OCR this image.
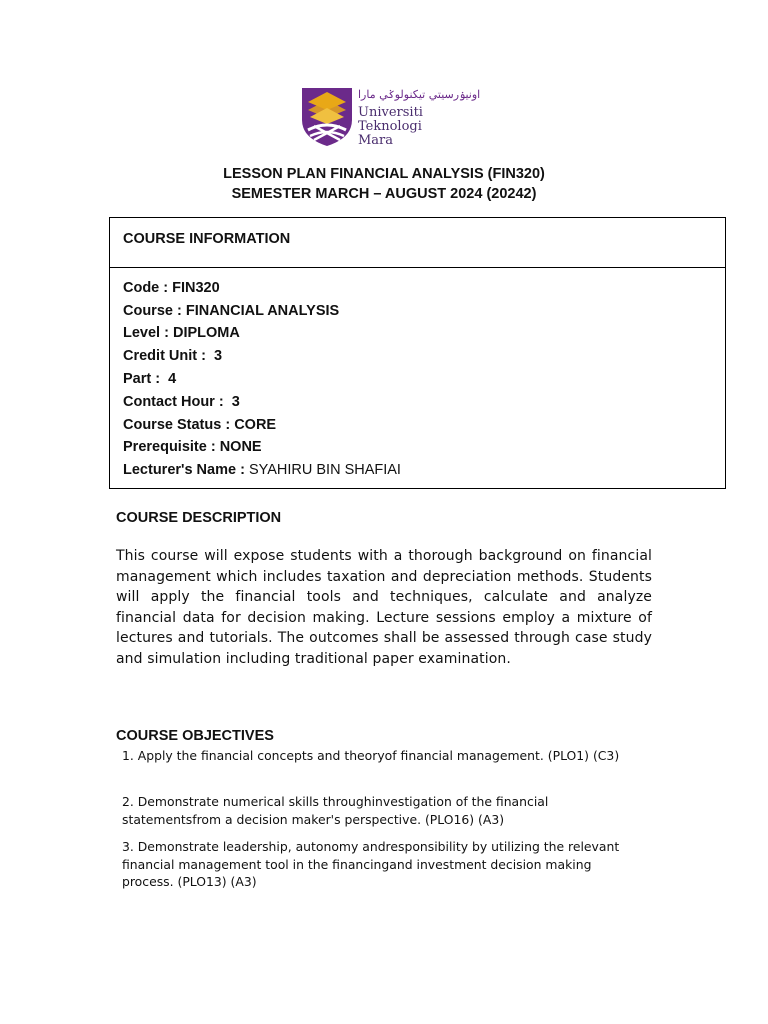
اونيۏرسيتي تيكنولوݢي مارا
Universiti
Teknologi
Mara
LESSON PLAN FINANCIAL ANALYSIS (FIN320)
SEMESTER MARCH – AUGUST 2024 (20242)
COURSE INFORMATION
Code : FIN320
Course : FINANCIAL ANALYSIS
Level : DIPLOMA
Credit Unit :  3
Part :  4
Contact Hour :  3
Course Status : CORE
Prerequisite : NONE
Lecturer's Name : SYAHIRU BIN SHAFIAI
COURSE DESCRIPTION
This course will expose students with a thorough background on financial management which includes taxation and depreciation methods. Students will apply the financial tools and techniques, calculate and analyze financial data for decision making. Lecture sessions employ a mixture of lectures and tutorials. The outcomes shall be assessed through case study and simulation including traditional paper examination.
COURSE OBJECTIVES
1. Apply the financial concepts and theoryof financial management. (PLO1) (C3)
2. Demonstrate numerical skills throughinvestigation of the financial statementsfrom a decision maker's perspective. (PLO16) (A3)
3. Demonstrate leadership, autonomy andresponsibility by utilizing the relevant financial management tool in the financingand investment decision making process. (PLO13) (A3)
